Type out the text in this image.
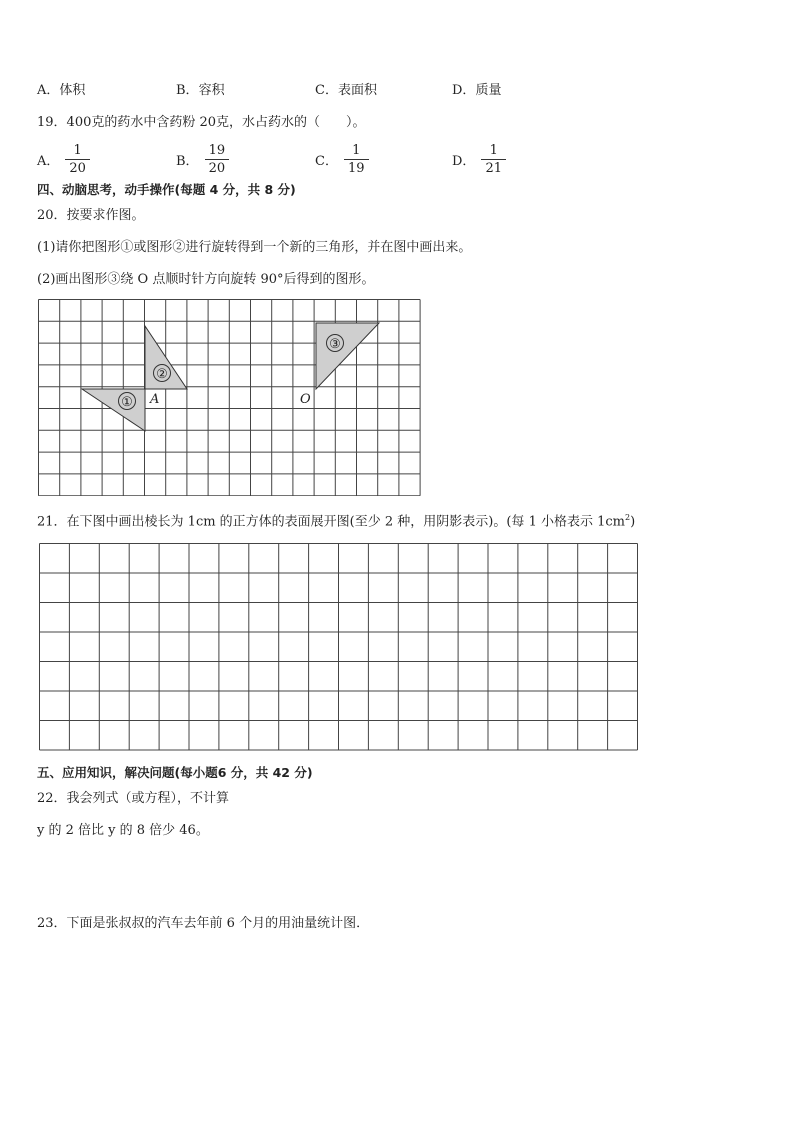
A．体积	B．容积	C．表面积	D．质量
19．400克的药水中含药粉 20克，水占药水的（　　）。
A． $\frac{1}{20}$	B． $\frac{19}{20}$	C． $\frac{1}{19}$	D． $\frac{1}{21}$
四、动脑思考，动手操作(每题 4 分，共 8 分)
20．按要求作图。
(1)请你把图形①或图形②进行旋转得到一个新的三角形，并在图中画出来。
(2)画出图形③绕 O 点顺时针方向旋转 90°后得到的图形。
①
②
③
A	O
21．在下图中画出棱长为 1cm 的正方体的表面展开图(至少 2 种，用阴影表示)。(每 1 小格表示 $1cm^2$)
五、应用知识，解决问题(每小题6 分，共 42 分)
22．我会列式（或方程），不计算
y 的 2 倍比 y 的 8 倍少 46。
23．下面是张叔叔的汽车去年前 6 个月的用油量统计图．
